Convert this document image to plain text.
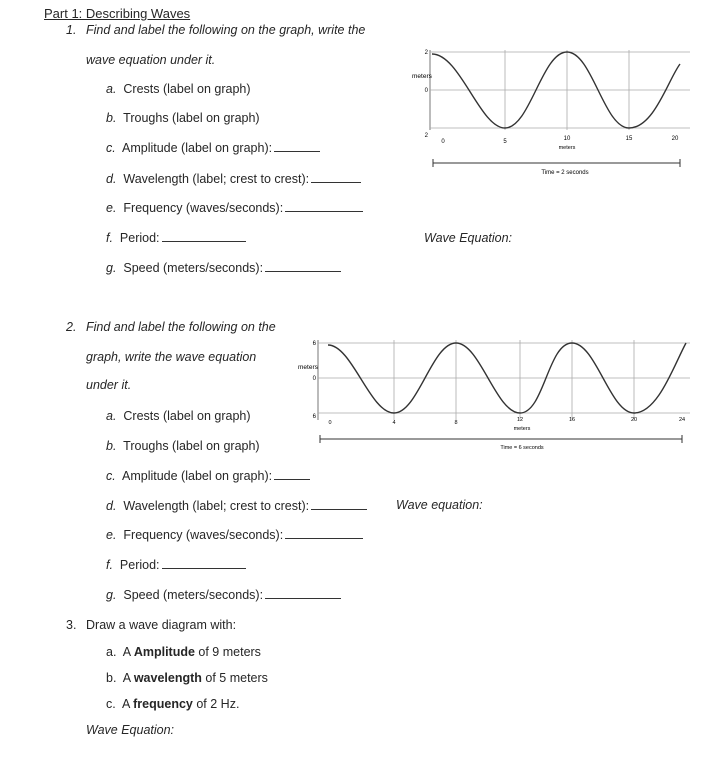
Part 1: Describing Waves
1. Find and label the following on the graph, write the
wave equation under it.
a. Crests (label on graph)
b. Troughs (label on graph)
c. Amplitude (label on graph):
d. Wavelength (label; crest to crest):
e. Frequency (waves/seconds):
f. Period:
g. Speed (meters/seconds):
Wave Equation:
meters
2
0
2
0	5	10	15	20
meters
Time = 2 seconds
2. Find and label the following on the
graph, write the wave equation
under it.
a. Crests (label on graph)
b. Troughs (label on graph)
c. Amplitude (label on graph):
d. Wavelength (label; crest to crest):
e. Frequency (waves/seconds):
f. Period:
g. Speed (meters/seconds):
Wave equation:
meters
6
0
6
0	4	8	12	16	20	24
meters
Time = 6 seconds
3. Draw a wave diagram with:
a. A Amplitude of 9 meters
b. A wavelength of 5 meters
c. A frequency of 2 Hz.
Wave Equation:
